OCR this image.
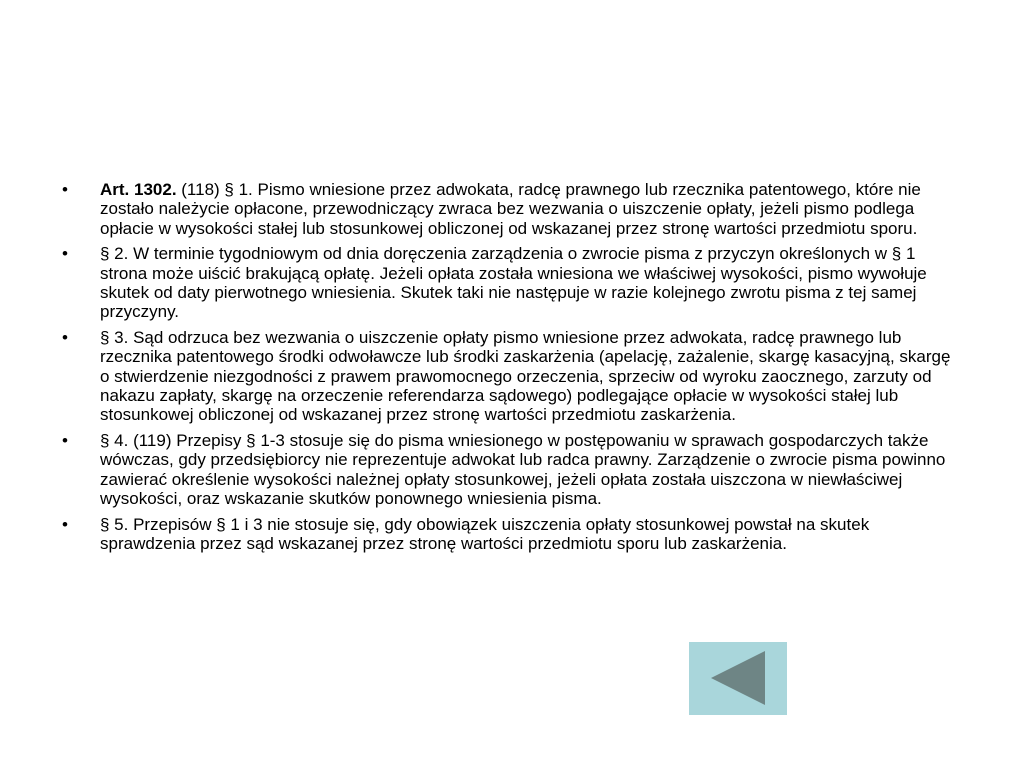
• Art. 1302. (118) § 1. Pismo wniesione przez adwokata, radcę prawnego lub rzecznika patentowego, które nie zostało należycie opłacone, przewodniczący zwraca bez wezwania o uiszczenie opłaty, jeżeli pismo podlega opłacie w wysokości stałej lub stosunkowej obliczonej od wskazanej przez stronę wartości przedmiotu sporu.
• § 2. W terminie tygodniowym od dnia doręczenia zarządzenia o zwrocie pisma z przyczyn określonych w § 1 strona może uiścić brakującą opłatę. Jeżeli opłata została wniesiona we właściwej wysokości, pismo wywołuje skutek od daty pierwotnego wniesienia. Skutek taki nie następuje w razie kolejnego zwrotu pisma z tej samej przyczyny.
• § 3. Sąd odrzuca bez wezwania o uiszczenie opłaty pismo wniesione przez adwokata, radcę prawnego lub rzecznika patentowego środki odwoławcze lub środki zaskarżenia (apelację, zażalenie, skargę kasacyjną, skargę o stwierdzenie niezgodności z prawem prawomocnego orzeczenia, sprzeciw od wyroku zaocznego, zarzuty od nakazu zapłaty, skargę na orzeczenie referendarza sądowego) podlegające opłacie w wysokości stałej lub stosunkowej obliczonej od wskazanej przez stronę wartości przedmiotu zaskarżenia.
• § 4. (119) Przepisy § 1-3 stosuje się do pisma wniesionego w postępowaniu w sprawach gospodarczych także wówczas, gdy przedsiębiorcy nie reprezentuje adwokat lub radca prawny. Zarządzenie o zwrocie pisma powinno zawierać określenie wysokości należnej opłaty stosunkowej, jeżeli opłata została uiszczona w niewłaściwej wysokości, oraz wskazanie skutków ponownego wniesienia pisma.
• § 5. Przepisów § 1 i 3 nie stosuje się, gdy obowiązek uiszczenia opłaty stosunkowej powstał na skutek sprawdzenia przez sąd wskazanej przez stronę wartości przedmiotu sporu lub zaskarżenia.
